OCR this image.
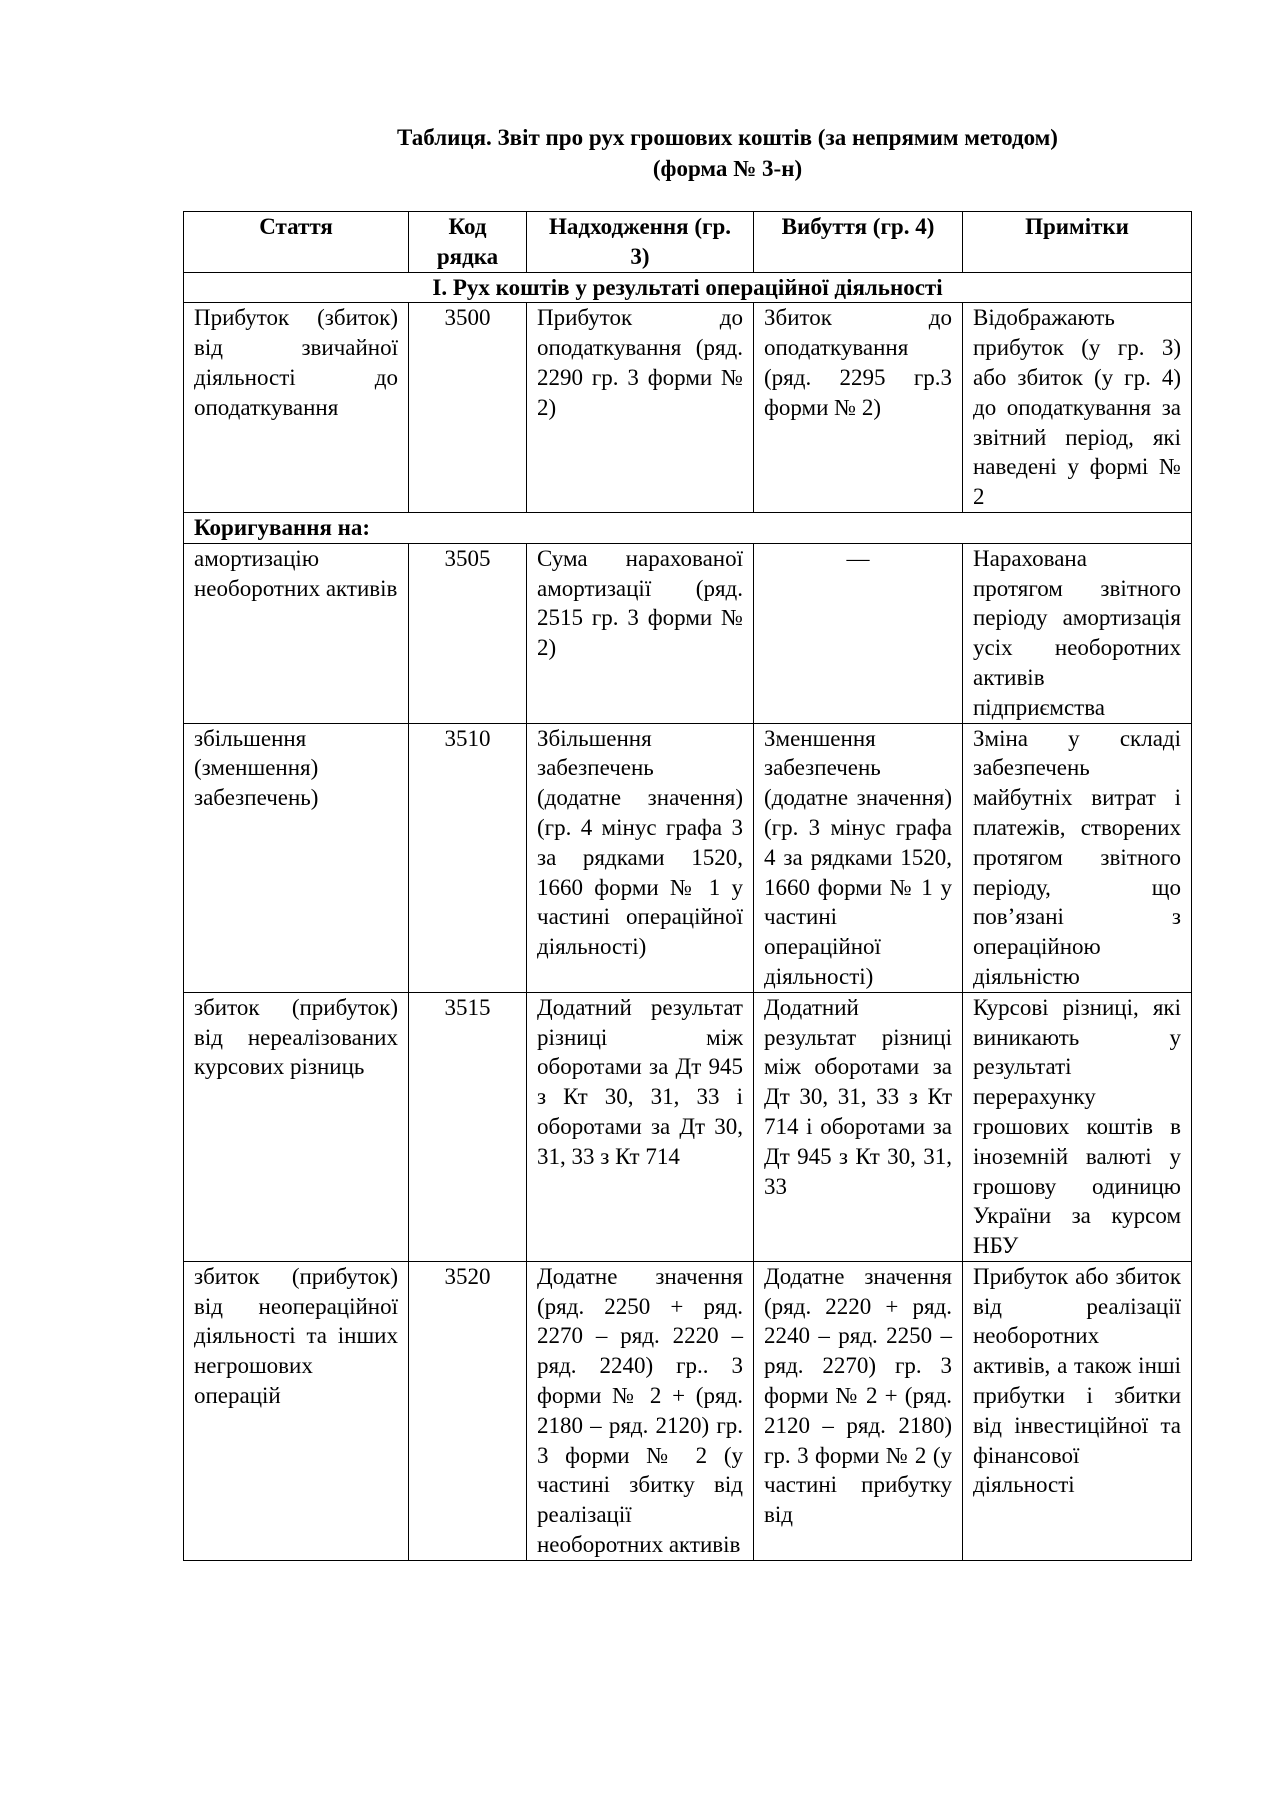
Таблиця. Звіт про рух грошових коштів (за непрямим методом)
(форма № 3-н)
Стаття	Код рядка	Надходження (гр. 3)	Вибуття (гр. 4)	Примітки
І. Рух коштів у результаті операційної діяльності				
Прибуток (збиток) від звичайної діяльності до оподаткування	3500	Прибуток до оподаткування (ряд. 2290 гр. 3 форми № 2)	Збиток до оподаткування (ряд. 2295 гр.3 форми № 2)	Відображають прибуток (у гр. 3) або збиток (у гр. 4) до оподаткування за звітний період, які наведені у формі № 2
Коригування на:				
амортизацію необоротних активів	3505	Сума нарахованої амортизації (ряд. 2515 гр. 3 форми № 2)	—	Нарахована протягом звітного періоду амортизація усіх необоротних активів підприємства
збільшення (зменшення) забезпечень)	3510	Збільшення забезпечень (додатне значення) (гр. 4 мінус графа 3 за рядками 1520, 1660 форми № 1 у частині операційної діяльності)	Зменшення забезпечень (додатне значення) (гр. 3 мінус графа 4 за рядками 1520, 1660 форми № 1 у частині операційної діяльності)	Зміна у складі забезпечень майбутніх витрат і платежів, створених протягом звітного періоду, що пов’язані з операційною діяльністю
збиток (прибуток) від нереалізованих курсових різниць	3515	Додатний результат різниці між оборотами за Дт 945 з Кт 30, 31, 33 і оборотами за Дт 30, 31, 33 з Кт 714	Додатний результат різниці між оборотами за Дт 30, 31, 33 з Кт 714 і оборотами за Дт 945 з Кт 30, 31, 33	Курсові різниці, які виникають у результаті перерахунку грошових коштів в іноземній валюті у грошову одиницю України за курсом НБУ
збиток (прибуток) від неопераційної діяльності та інших негрошових операцій	3520	Додатне значення (ряд. 2250 + ряд. 2270 – ряд. 2220 – ряд. 2240) гр.. 3 форми № 2 + (ряд. 2180 – ряд. 2120) гр. 3 форми № 2 (у частині збитку від реалізації необоротних активів	Додатне значення (ряд. 2220 + ряд. 2240 – ряд. 2250 – ряд. 2270) гр. 3 форми № 2 + (ряд. 2120 – ряд. 2180) гр. 3 форми № 2 (у частині прибутку від	Прибуток або збиток від реалізації необоротних активів, а також інші прибутки і збитки від інвестиційної та фінансової діяльності
